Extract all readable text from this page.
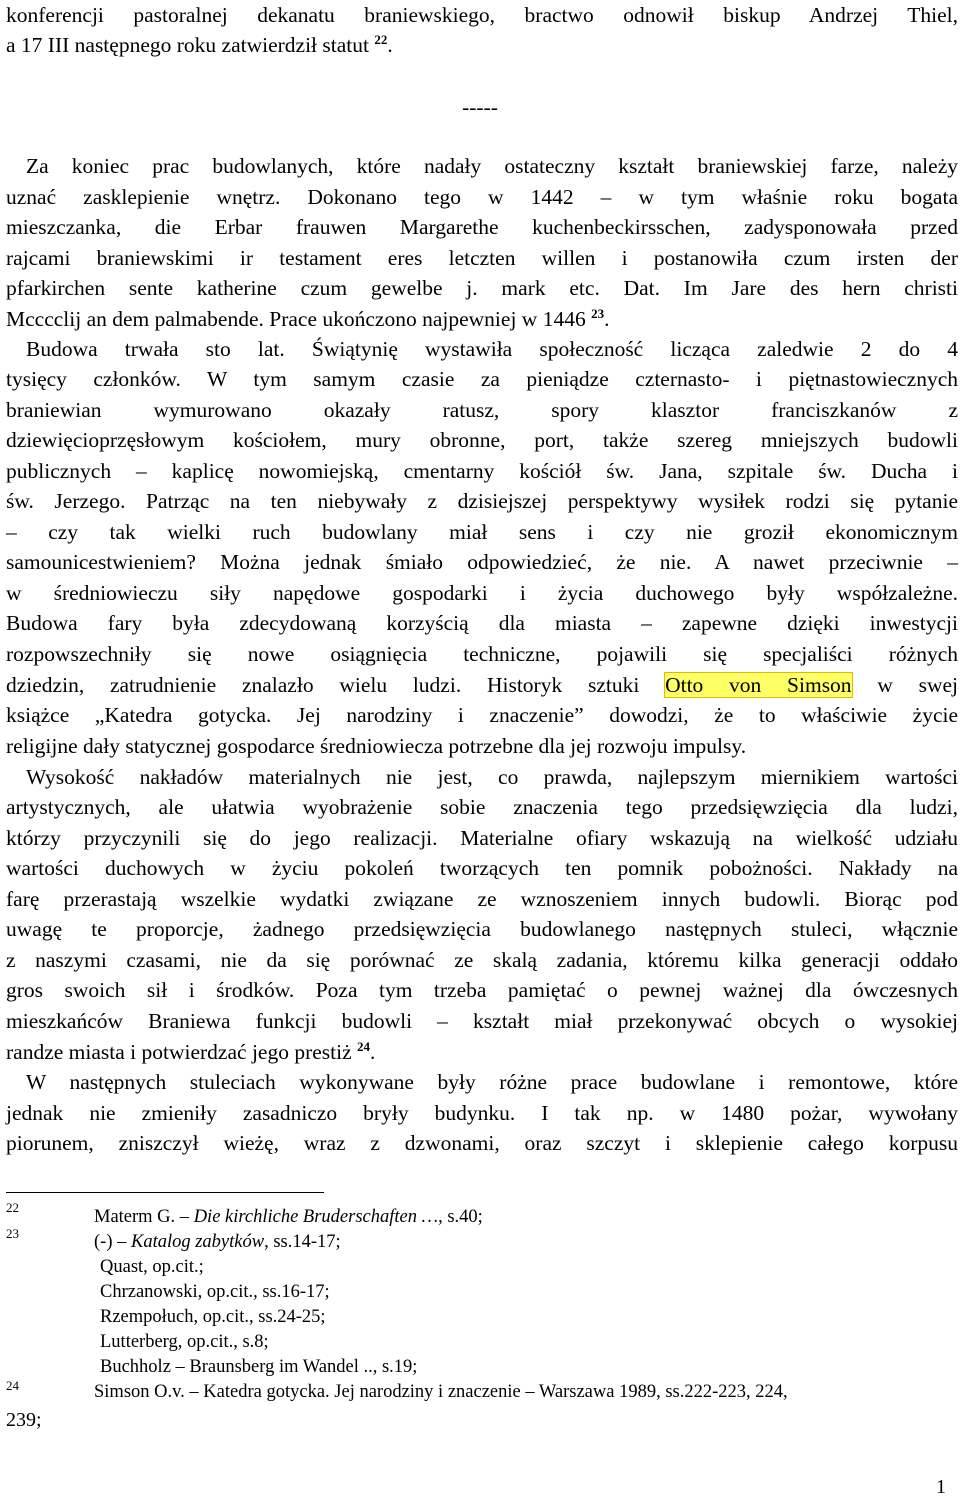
konferencji pastoralnej dekanatu braniewskiego, bractwo odnowił biskup Andrzej Thiel,
a 17 III następnego roku zatwierdził statut $^{22}$.
-----
Za koniec prac budowlanych, które nadały ostateczny kształt braniewskiej farze, należy
uznać zasklepienie wnętrz. Dokonano tego w 1442 – w tym właśnie roku bogata
mieszczanka, die Erbar frauwen Margarethe kuchenbeckirsschen, zadysponowała przed
rajcami braniewskimi ir testament eres letczten willen i postanowiła czum irsten der
pfarkirchen sente katherine czum gewelbe j. mark etc. Dat. Im Jare des hern christi
Mcccclij an dem palmabende. Prace ukończono najpewniej w 1446 $^{23}$.
Budowa trwała sto lat. Świątynię wystawiła społeczność licząca zaledwie 2 do 4
tysięcy członków. W tym samym czasie za pieniądze czternasto- i piętnastowiecznych
braniewian wymurowano okazały ratusz, spory klasztor franciszkanów z
dziewięcioprzęsłowym kościołem, mury obronne, port, także szereg mniejszych budowli
publicznych – kaplicę nowomiejską, cmentarny kościół św. Jana, szpitale św. Ducha i
św. Jerzego. Patrząc na ten niebywały z dzisiejszej perspektywy wysiłek rodzi się pytanie
– czy tak wielki ruch budowlany miał sens i czy nie groził ekonomicznym
samounicestwieniem? Można jednak śmiało odpowiedzieć, że nie. A nawet przeciwnie –
w średniowieczu siły napędowe gospodarki i życia duchowego były współzależne.
Budowa fary była zdecydowaną korzyścią dla miasta – zapewne dzięki inwestycji
rozpowszechniły się nowe osiągnięcia techniczne, pojawili się specjaliści różnych
dziedzin, zatrudnienie znalazło wielu ludzi. Historyk sztuki Otto von Simson w swej
książce „Katedra gotycka. Jej narodziny i znaczenie” dowodzi, że to właściwie życie
religijne dały statycznej gospodarce średniowiecza potrzebne dla jej rozwoju impulsy.
Wysokość nakładów materialnych nie jest, co prawda, najlepszym miernikiem wartości
artystycznych, ale ułatwia wyobrażenie sobie znaczenia tego przedsięwzięcia dla ludzi,
którzy przyczynili się do jego realizacji. Materialne ofiary wskazują na wielkość udziału
wartości duchowych w życiu pokoleń tworzących ten pomnik pobożności. Nakłady na
farę przerastają wszelkie wydatki związane ze wznoszeniem innych budowli. Biorąc pod
uwagę te proporcje, żadnego przedsięwzięcia budowlanego następnych stuleci, włącznie
z naszymi czasami, nie da się porównać ze skalą zadania, któremu kilka generacji oddało
gros swoich sił i środków. Poza tym trzeba pamiętać o pewnej ważnej dla ówczesnych
mieszkańców Braniewa funkcji budowli – kształt miał przekonywać obcych o wysokiej
randze miasta i potwierdzać jego prestiż $^{24}$.
W następnych stuleciach wykonywane były różne prace budowlane i remontowe, które
jednak nie zmieniły zasadniczo bryły budynku. I tak np. w 1480 pożar, wywołany
piorunem, zniszczył wieżę, wraz z dzwonami, oraz szczyt i sklepienie całego korpusu
22	Materm G. – Die kirchliche Bruderschaften …, s.40;
23	(-) – Katalog zabytków, ss.14-17;
Quast, op.cit.;
Chrzanowski, op.cit., ss.16-17;
Rzempołuch, op.cit., ss.24-25;
Lutterberg, op.cit., s.8;
Buchholz – Braunsberg im Wandel .., s.19;
24	Simson O.v. – Katedra gotycka. Jej narodziny i znaczenie – Warszawa 1989, ss.222-223, 224,
239;
1
